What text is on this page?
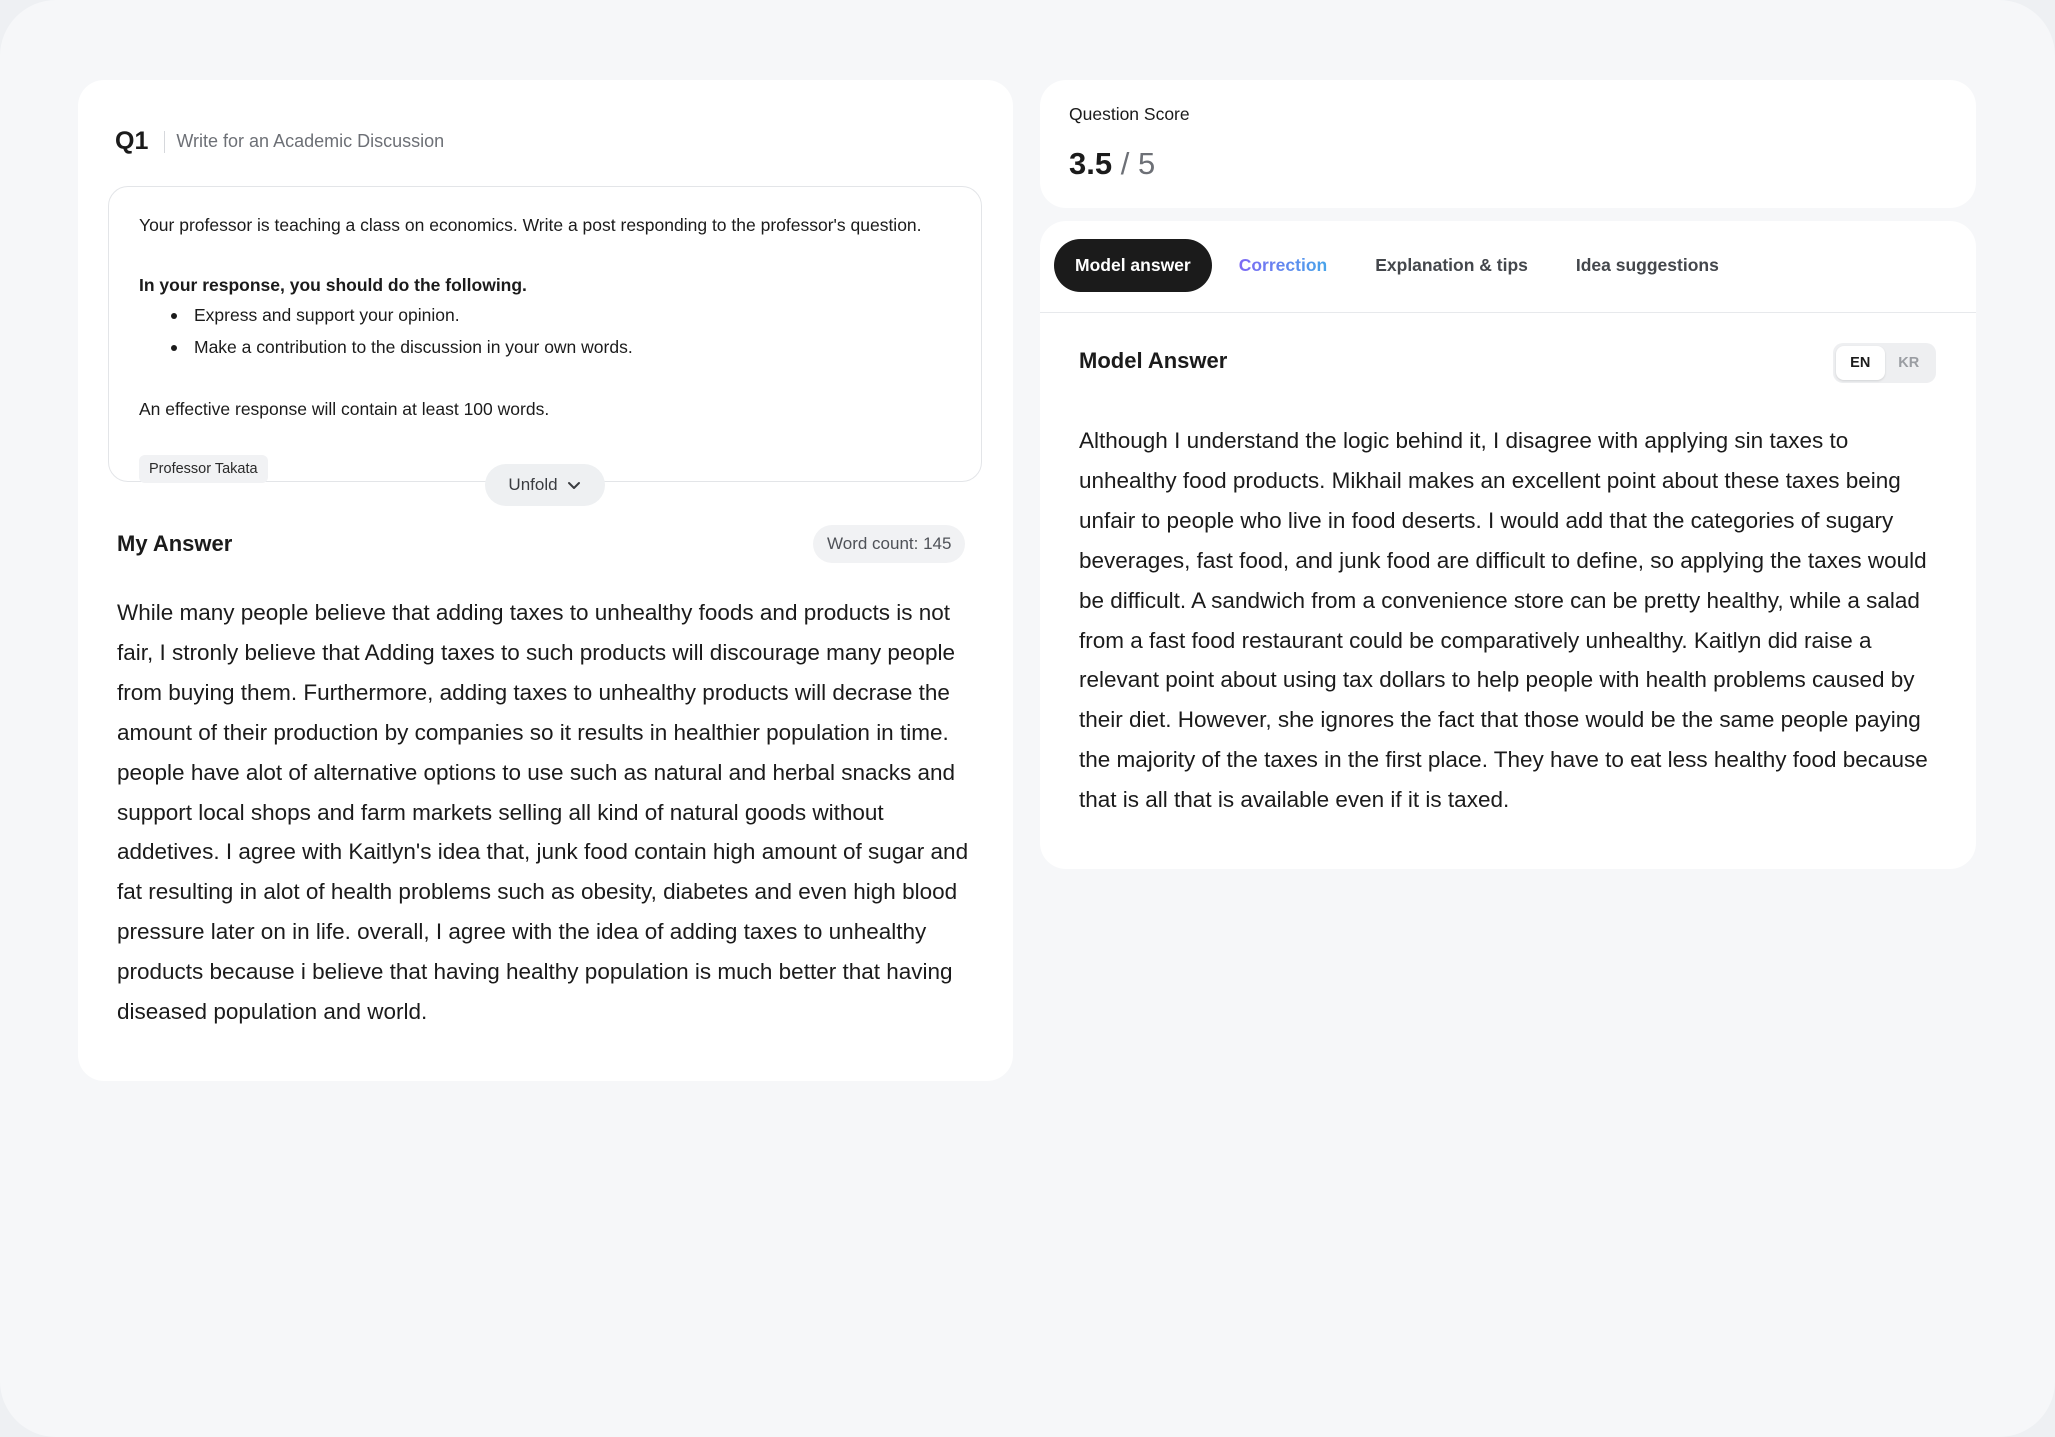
Q1 Write for an Academic Discussion
Your professor is teaching a class on economics. Write a post responding to the professor's question.
In your response, you should do the following.
Express and support your opinion.
Make a contribution to the discussion in your own words.
An effective response will contain at least 100 words.
Professor Takata
Unfold
My Answer	Word count: 145

While many people believe that adding taxes to unhealthy foods and products is not fair, I stronly believe that Adding taxes to such products will discourage many people from buying them. Furthermore, adding taxes to unhealthy products will decrase the amount of their production by companies so it results in healthier population in time. people have alot of alternative options to use such as natural and herbal snacks and support local shops and farm markets selling all kind of natural goods without addetives. I agree with Kaitlyn's idea that, junk food contain high amount of sugar and fat resulting in alot of health problems such as obesity, diabetes and even high blood pressure later on in life. overall, I agree with the idea of adding taxes to unhealthy products because i believe that having healthy population is much better that having diseased population and world.

Question Score
3.5 / 5
Model answer	Correction	Explanation & tips	Idea suggestions
Model Answer	EN	KR

Although I understand the logic behind it, I disagree with applying sin taxes to unhealthy food products. Mikhail makes an excellent point about these taxes being unfair to people who live in food deserts. I would add that the categories of sugary beverages, fast food, and junk food are difficult to define, so applying the taxes would be difficult. A sandwich from a convenience store can be pretty healthy, while a salad from a fast food restaurant could be comparatively unhealthy. Kaitlyn did raise a relevant point about using tax dollars to help people with health problems caused by their diet. However, she ignores the fact that those would be the same people paying the majority of the taxes in the first place. They have to eat less healthy food because that is all that is available even if it is taxed.
